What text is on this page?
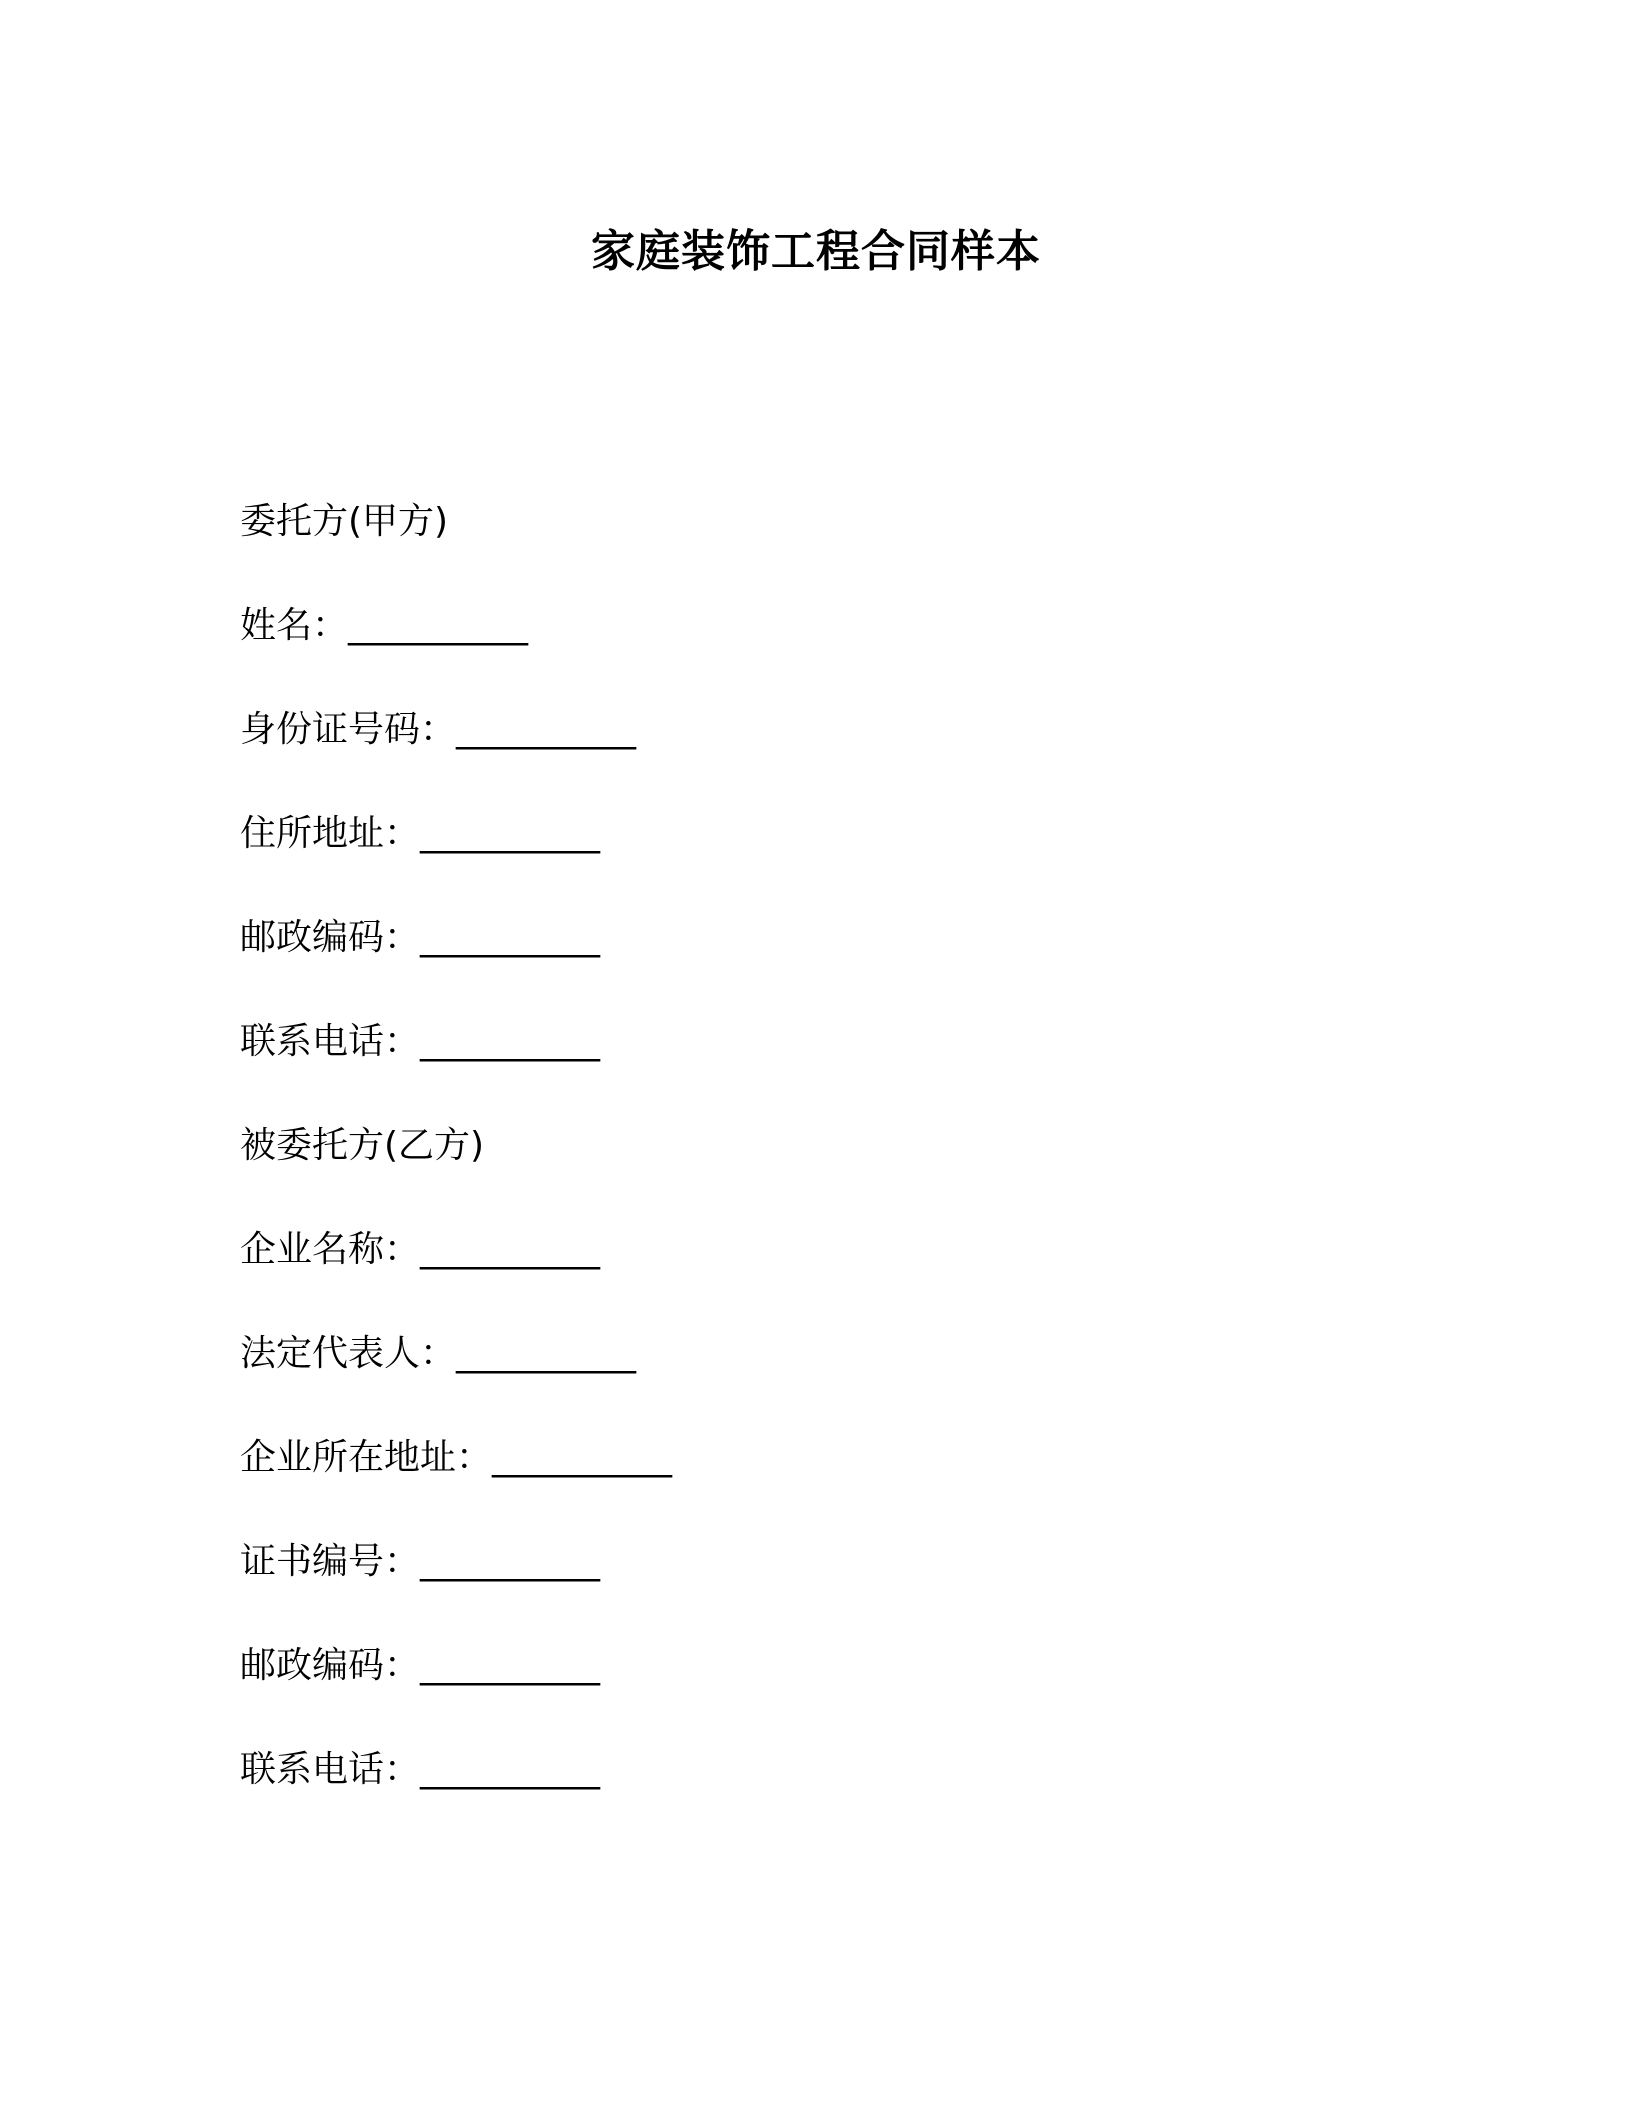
家庭装饰工程合同样本
委托方(甲方)
姓名：__________
身份证号码：__________
住所地址：__________
邮政编码：__________
联系电话：__________
被委托方(乙方)
企业名称：__________
法定代表人：__________
企业所在地址：__________
证书编号：__________
邮政编码：__________
联系电话：__________
